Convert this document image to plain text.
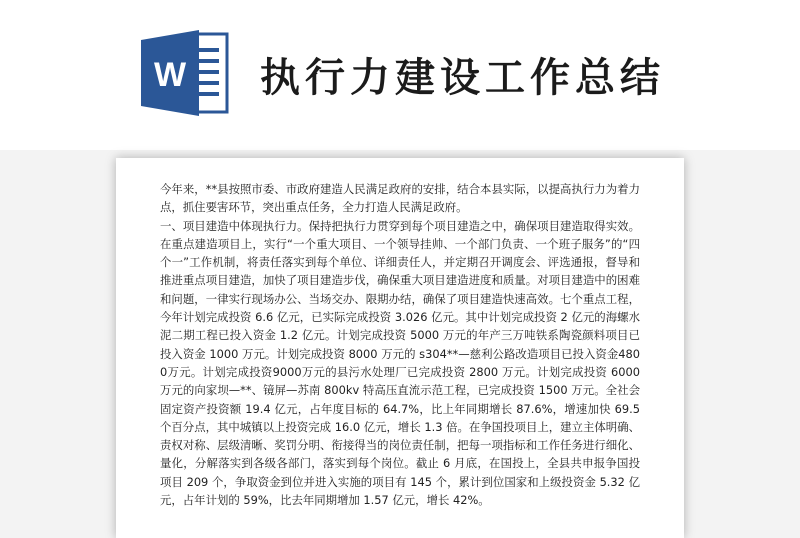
W 执行力建设工作总结

今年来，**县按照市委、市政府建造人民满足政府的安排，结合本县实际，以提高执行力为着力点，抓住要害环节，突出重点任务，全力打造人民满足政府。

一、项目建造中体现执行力。保持把执行力贯穿到每个项目建造之中，确保项目建造取得实效。在重点建造项目上，实行“一个重大项目、一个领导挂帅、一个部门负责、一个班子服务”的“四个一”工作机制，将责任落实到每个单位、详细责任人，并定期召开调度会、评选通报，督导和推进重点项目建造，加快了项目建造步伐，确保重大项目建造进度和质量。对项目建造中的困难和问题，一律实行现场办公、当场交办、限期办结，确保了项目建造快速高效。七个重点工程，今年计划完成投资 6.6 亿元，已实际完成投资 3.026 亿元。其中计划完成投资 2 亿元的海螺水泥二期工程已投入资金 1.2 亿元。计划完成投资 5000 万元的年产三万吨铁系陶瓷颜料项目已投入资金 1000 万元。计划完成投资 8000 万元的 s304**—慈利公路改造项目已投入资金4800万元。计划完成投资9000万元的县污水处理厂已完成投资 2800 万元。计划完成投资 6000 万元的向家坝—**、镜屏—苏南 800kv 特高压直流示范工程，已完成投资 1500 万元。全社会固定资产投资额 19.4 亿元，占年度目标的 64.7%，比上年同期增长 87.6%，增速加快 69.5 个百分点，其中城镇以上投资完成 16.0 亿元，增长 1.3 倍。在争国投项目上，建立主体明确、责权对称、层级清晰、奖罚分明、衔接得当的岗位责任制，把每一项指标和工作任务进行细化、量化，分解落实到各级各部门，落实到每个岗位。截止 6 月底，在国投上，全县共申报争国投项目 209 个，争取资金到位并进入实施的项目有 145 个，累计到位国家和上级投资金 5.32 亿元，占年计划的 59%，比去年同期增加 1.57 亿元，增长 42%。
